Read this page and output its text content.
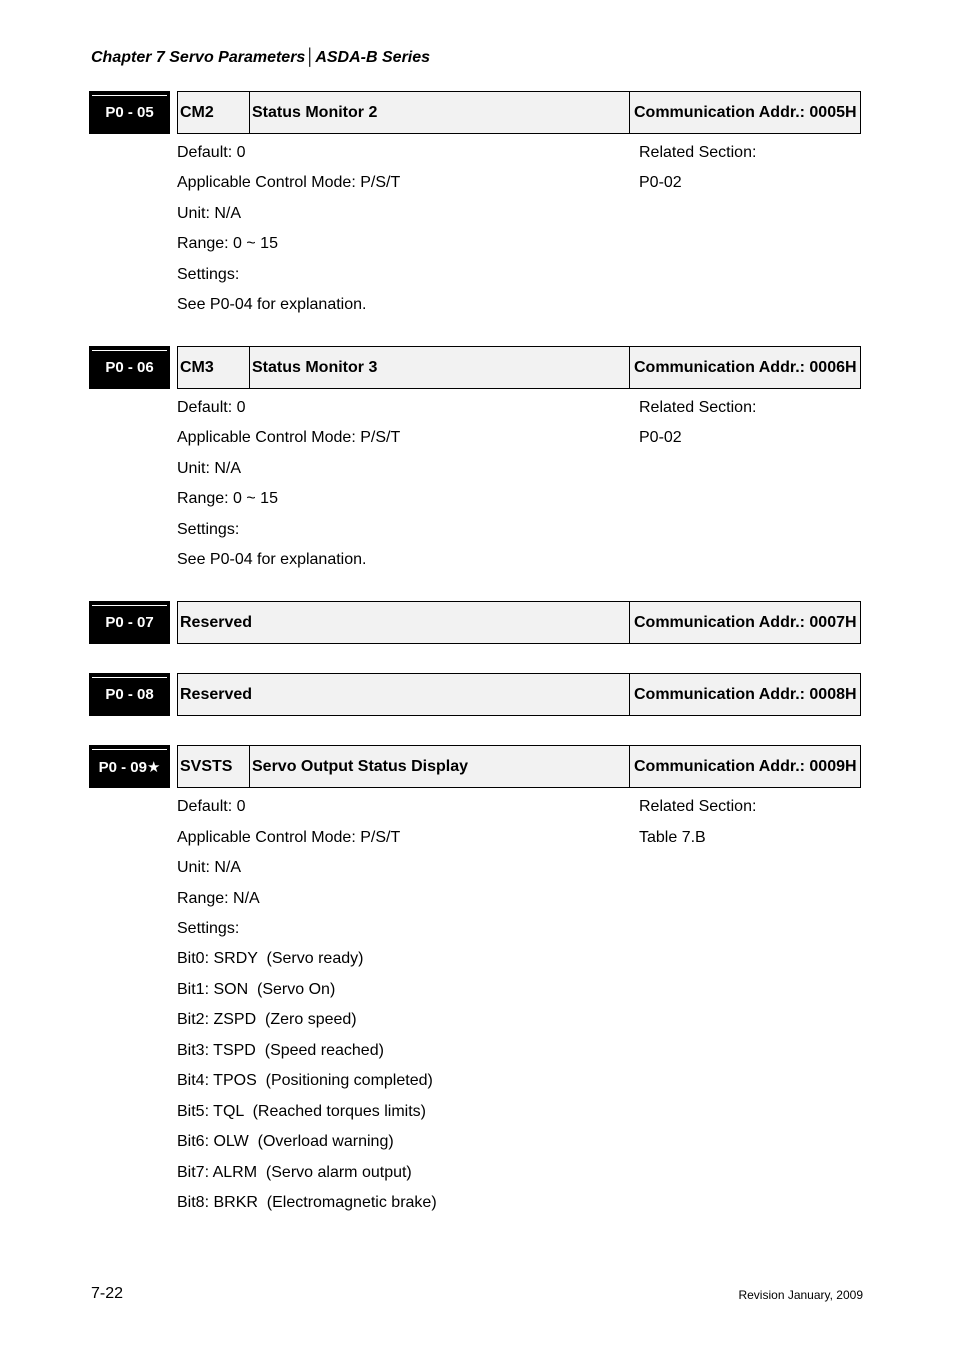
Chapter 7 Servo Parameters│ASDA-B Series
P0 - 05	CM2	Status Monitor 2	Communication Addr.: 0005H
Default: 0
Applicable Control Mode: P/S/T
Unit: N/A
Range: 0 ~ 15
Settings:
See P0-04 for explanation.
Related Section:
P0-02
P0 - 06	CM3	Status Monitor 3	Communication Addr.: 0006H
Default: 0
Applicable Control Mode: P/S/T
Unit: N/A
Range: 0 ~ 15
Settings:
See P0-04 for explanation.
Related Section:
P0-02
P0 - 07	Reserved	Communication Addr.: 0007H
P0 - 08	Reserved	Communication Addr.: 0008H
P0 - 09★	SVSTS	Servo Output Status Display	Communication Addr.: 0009H
Default: 0
Applicable Control Mode: P/S/T
Unit: N/A
Range: N/A
Settings:
Bit0: SRDY  (Servo ready)
Bit1: SON  (Servo On)
Bit2: ZSPD  (Zero speed)
Bit3: TSPD  (Speed reached)
Bit4: TPOS  (Positioning completed)
Bit5: TQL  (Reached torques limits)
Bit6: OLW  (Overload warning)
Bit7: ALRM  (Servo alarm output)
Bit8: BRKR  (Electromagnetic brake)
Related Section:
Table 7.B
7-22	Revision January, 2009
